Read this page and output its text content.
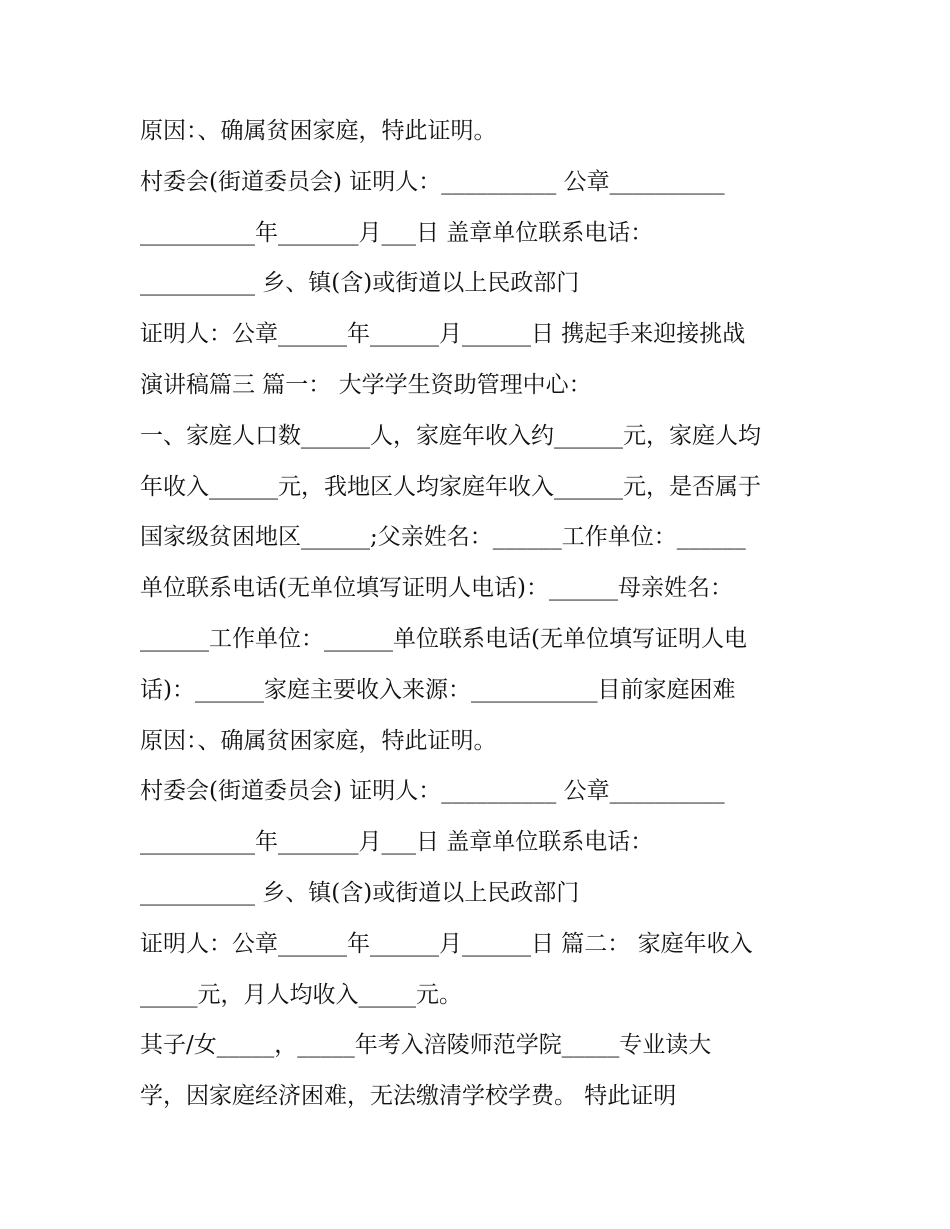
原因：、确属贫困家庭，特此证明。
村委会(街道委员会) 证明人：__________ 公章__________
__________年_______月___日 盖章单位联系电话：
__________ 乡、镇(含)或街道以上民政部门
证明人：公章______年______月______日 携起手来迎接挑战
演讲稿篇三 篇一： 大学学生资助管理中心：
一、家庭人口数______人，家庭年收入约______元，家庭人均
年收入______元，我地区人均家庭年收入______元，是否属于
国家级贫困地区______;父亲姓名：______工作单位：______
单位联系电话(无单位填写证明人电话)：______母亲姓名：
______工作单位：______单位联系电话(无单位填写证明人电
话)：______家庭主要收入来源：___________目前家庭困难
原因：、确属贫困家庭，特此证明。
村委会(街道委员会) 证明人：__________ 公章__________
__________年_______月___日 盖章单位联系电话：
__________ 乡、镇(含)或街道以上民政部门
证明人：公章______年______月______日 篇二： 家庭年收入
_____元，月人均收入_____元。
其子/女_____，_____年考入涪陵师范学院_____专业读大
学，因家庭经济困难，无法缴清学校学费。 特此证明
